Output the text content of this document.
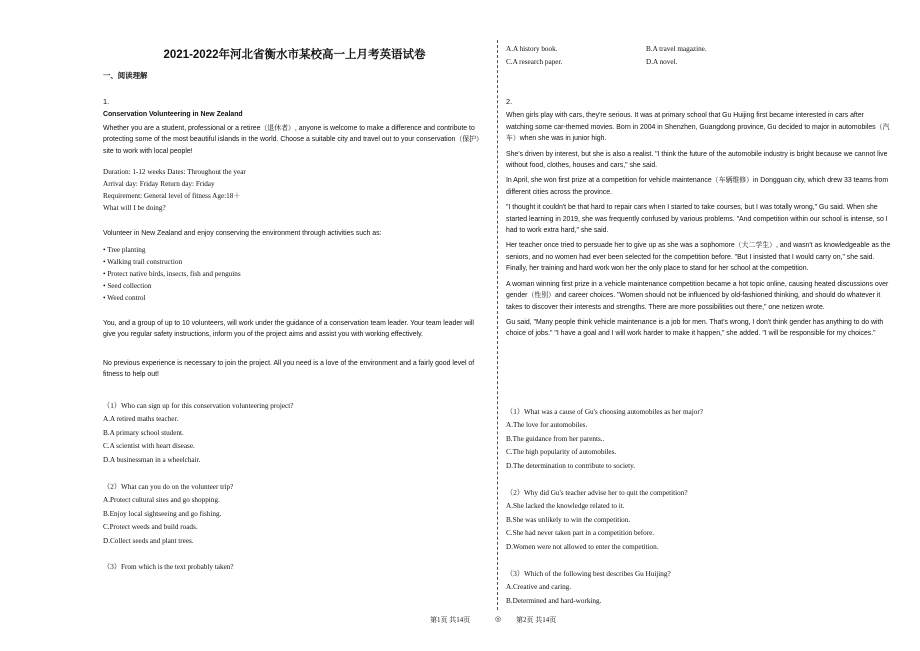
2021-2022年河北省衡水市某校高一上月考英语试卷
一、阅读理解

1.

Conservation Volunteering in New Zealand

Whether you are a student, professional or a retiree（退休者）, anyone is welcome to make a difference and contribute to protecting some of the most beautiful islands in the world. Choose a suitable city and travel out to your conservation（保护）site to work with local people!

Duration: 1-12 weeks Dates: Throughout the year

Arrival day: Friday Return day: Friday

Requirement: General level of fitness Age:18＋

What will I be doing?

Volunteer in New Zealand and enjoy conserving the environment through activities such as:

• Tree planting

• Walking trail construction

• Protect native birds, insects, fish and penguins

• Seed collection

• Weed control

You, and a group of up to 10 volunteers, will work under the guidance of a conservation team leader. Your team leader will give you regular safety instructions, inform you of the project aims and assist you with working effectively.

No previous experience is necessary to join the project. All you need is a love of the environment and a fairly good level of fitness to help out!

（1）Who can sign up for this conservation volunteering project?

A.A retired maths teacher.

B.A primary school student.

C.A scientist with heart disease.

D.A businessman in a wheelchair.

（2）What can you do on the volunteer trip?

A.Protect cultural sites and go shopping.

B.Enjoy local sightseeing and go fishing.

C.Protect weeds and build roads.

D.Collect seeds and plant trees.

（3）From which is the text probably taken?

A.A history book.	B.A travel magazine.
C.A research paper.	D.A novel.

2.

When girls play with cars, they're serious. It was at primary school that Gu Huijing first became interested in cars after watching some car-themed movies. Born in 2004 in Shenzhen, Guangdong province, Gu decided to major in automobiles（汽车）when she was in junior high.

She's driven by interest, but she is also a realist. "I think the future of the automobile industry is bright because we cannot live without food, clothes, houses and cars," she said.

In April, she won first prize at a competition for vehicle maintenance（车辆维修）in Dongguan city, which drew 33 teams from different cities across the province.

"I thought it couldn't be that hard to repair cars when I started to take courses, but I was totally wrong," Gu said. When she started learning in 2019, she was frequently confused by various problems. "And competition within our school is intense, so I had to work extra hard," she said.

Her teacher once tried to persuade her to give up as she was a sophomore（大二学生）, and wasn't as knowledgeable as the seniors, and no women had ever been selected for the competition before. "But I insisted that I would carry on," she said. Finally, her training and hard work won her the only place to stand for her school at the competition.

A woman winning first prize in a vehicle maintenance competition became a hot topic online, causing heated discussions over gender（性别）and career choices. "Women should not be influenced by old-fashioned thinking, and should do whatever it takes to discover their interests and strengths. There are more possibilities out there," one netizen wrote.

Gu said, "Many people think vehicle maintenance is a job for men. That's wrong, I don't think gender has anything to do with choice of jobs." "I have a goal and I will work harder to make it happen," she added. "I will be responsible for my choices."

（1）What was a cause of Gu's choosing automobiles as her major?

A.The love for automobiles.

B.The guidance from her parents..

C.The high popularity of automobiles.

D.The determination to contribute to society.

（2）Why did Gu's teacher advise her to quit the competition?

A.She lacked the knowledge related to it.

B.She was unlikely to win the competition.

C.She had never taken part in a competition before.

D.Women were not allowed to enter the competition.

（3）Which of the following best describes Gu Huijing?

A.Creative and caring.

B.Determined and hard-working.

第1页 共14页	◎ 第2页 共14页
